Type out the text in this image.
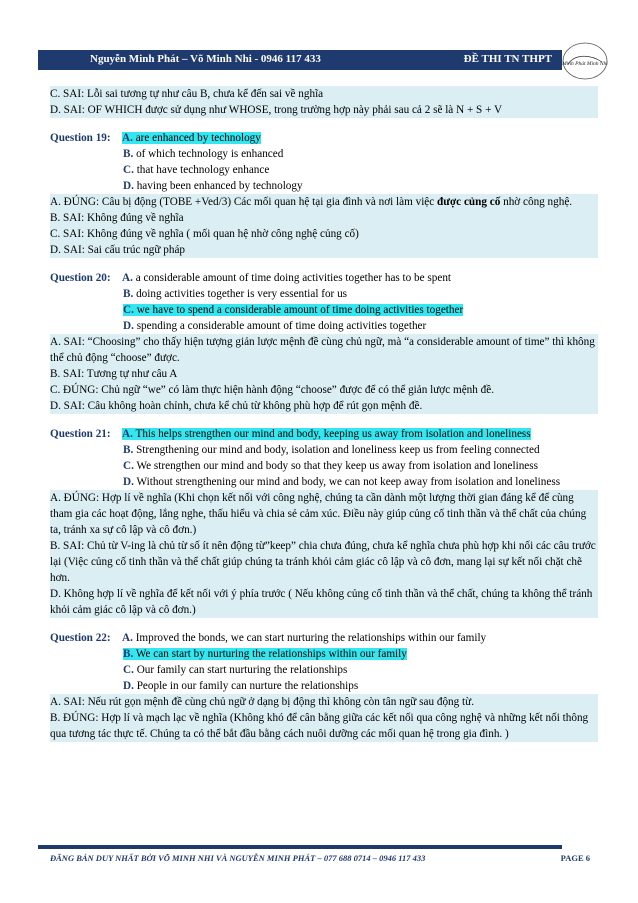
Nguyễn Minh Phát – Võ Minh Nhi - 0946 117 433	ĐỀ THI TN THPT Minh Phát Minh Nhi

C. SAI: Lỗi sai tương tự như câu B, chưa kể đến sai về nghĩa

D. SAI: OF WHICH được sử dụng như WHOSE, trong trường hợp này phải sau cả 2 sẽ là N + S + V

Question 19:	A. are enhanced by technology
B. of which technology is enhanced
C. that have technology enhance
D. having been enhanced by technology

A. ĐÚNG: Câu bị động (TOBE +Ved/3) Các mối quan hệ tại gia đình và nơi làm việc được củng cố nhờ công nghệ.

B. SAI: Không đúng về nghĩa

C. SAI: Không đúng về nghĩa ( mối quan hệ nhờ công nghệ củng cố)

D. SAI: Sai cấu trúc ngữ pháp

Question 20:	A. a considerable amount of time doing activities together has to be spent
B. doing activities together is very essential for us
C. we have to spend a considerable amount of time doing activities together
D. spending a considerable amount of time doing activities together

A. SAI: “Choosing” cho thấy hiện tượng giản lược mệnh đề cùng chủ ngữ, mà “a considerable amount of time” thì không thể chủ động “choose” được.

B. SAI: Tương tự như câu A

C. ĐÚNG: Chủ ngữ “we” có làm thực hiện hành động “choose” được để có thể giản lược mệnh đề.

D. SAI: Câu không hoàn chỉnh, chưa kể chủ từ không phù hợp để rút gọn mệnh đề.

Question 21:	A. This helps strengthen our mind and body, keeping us away from isolation and loneliness
B. Strengthening our mind and body, isolation and loneliness keep us from feeling connected
C. We strengthen our mind and body so that they keep us away from isolation and loneliness
D. Without strengthening our mind and body, we can not keep away from isolation and loneliness

A. ĐÚNG: Hợp lí về nghĩa (Khi chọn kết nối với công nghệ, chúng ta cần dành một lượng thời gian đáng kể để cùng tham gia các hoạt động, lắng nghe, thấu hiểu và chia sẻ cảm xúc. Điều này giúp củng cố tinh thần và thể chất của chúng ta, tránh xa sự cô lập và cô đơn.)

B. SAI: Chủ từ V-ing là chủ từ số ít nên động từ”keep” chia chưa đúng, chưa kể nghĩa chưa phù hợp khi nối các câu trước lại (Việc củng cố tinh thần và thể chất giúp chúng ta tránh khỏi cảm giác cô lập và cô đơn, mang lại sự kết nối chặt chẽ hơn.

D. Không hợp lí về nghĩa để kết nối với ý phía trước ( Nếu không củng cố tinh thần và thể chất, chúng ta không thể tránh khỏi cảm giác cô lập và cô đơn.)

Question 22:	A. Improved the bonds, we can start nurturing the relationships within our family
B. We can start by nurturing the relationships within our family
C. Our family can start nurturing the relationships
D. People in our family can nurture the relationships

A. SAI: Nếu rút gọn mệnh đề cùng chủ ngữ ở dạng bị động thì không còn tân ngữ sau động từ.

B. ĐÚNG: Hợp lí và mạch lạc về nghĩa (Không khó để cân bằng giữa các kết nối qua công nghệ và những kết nối thông qua tương tác thực tế. Chúng ta có thể bắt đầu bằng cách nuôi dưỡng các mối quan hệ trong gia đình. )

ĐĂNG BÁN DUY NHẤT BỞI VÕ MINH NHI VÀ NGUYỄN MINH PHÁT – 077 688 0714 – 0946 117 433	PAGE 6
